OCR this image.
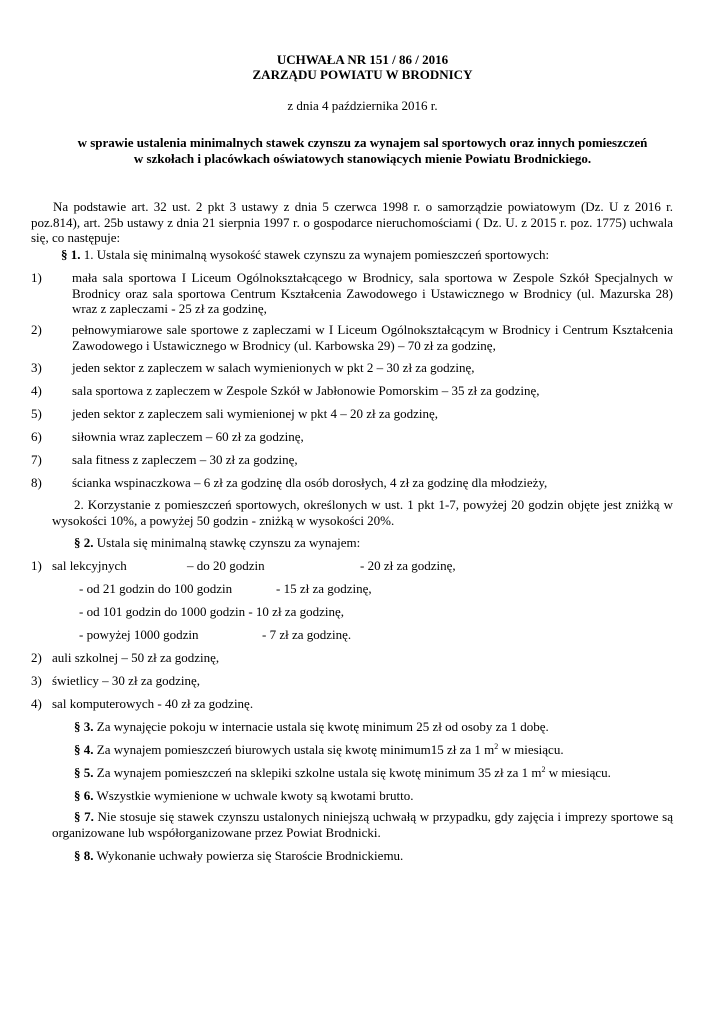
UCHWAŁA NR 151 / 86 / 2016
ZARZĄDU POWIATU W BRODNICY
z dnia 4 października 2016 r.
w sprawie ustalenia minimalnych stawek czynszu za wynajem sal sportowych oraz innych pomieszczeń
w szkołach i placówkach oświatowych stanowiących mienie Powiatu Brodnickiego.
Na podstawie art. 32 ust. 2 pkt 3 ustawy z dnia 5 czerwca 1998 r. o samorządzie powiatowym (Dz. U z 2016 r. poz.814), art. 25b ustawy z dnia 21 sierpnia 1997 r. o gospodarce nieruchomościami ( Dz. U. z 2015 r. poz. 1775) uchwala się, co następuje:
§ 1. 1. Ustala się minimalną wysokość stawek czynszu za wynajem pomieszczeń sportowych:
1) mała sala sportowa I Liceum Ogólnokształcącego w Brodnicy, sala sportowa w Zespole Szkół Specjalnych w Brodnicy oraz sala sportowa Centrum Kształcenia Zawodowego i Ustawicznego w Brodnicy (ul. Mazurska 28) wraz z zapleczami - 25 zł za godzinę,
2) pełnowymiarowe sale sportowe z zapleczami w I Liceum Ogólnokształcącym w Brodnicy i Centrum Kształcenia Zawodowego i Ustawicznego w Brodnicy (ul. Karbowska 29) – 70 zł za godzinę,
3) jeden sektor z zapleczem w salach wymienionych w pkt 2 – 30 zł za godzinę,
4) sala sportowa z zapleczem w Zespole Szkół w Jabłonowie Pomorskim – 35 zł za godzinę,
5) jeden sektor z zapleczem sali wymienionej w pkt 4 – 20 zł za godzinę,
6) siłownia wraz zapleczem – 60 zł za godzinę,
7) sala fitness z zapleczem – 30 zł za godzinę,
8) ścianka wspinaczkowa – 6 zł za godzinę dla osób dorosłych, 4 zł za godzinę dla młodzieży,
2. Korzystanie z pomieszczeń sportowych, określonych w ust. 1 pkt 1-7, powyżej 20 godzin objęte jest zniżką w wysokości 10%, a powyżej 50 godzin - zniżką w wysokości 20%.
§ 2. Ustala się minimalną stawkę czynszu za wynajem:
1) sal lekcyjnych	– do 20 godzin	- 20 zł za godzinę,
- od 21 godzin do 100 godzin	- 15 zł za godzinę,
- od 101 godzin do 1000 godzin - 10 zł za godzinę,
- powyżej 1000 godzin	- 7 zł za godzinę.
2) auli szkolnej – 50 zł za godzinę,
3) świetlicy – 30 zł za godzinę,
4) sal komputerowych - 40 zł za godzinę.
§ 3. Za wynajęcie pokoju w internacie ustala się kwotę minimum 25 zł od osoby za 1 dobę.
§ 4. Za wynajem pomieszczeń biurowych ustala się kwotę minimum15 zł za 1 $m^2$ w miesiącu.
§ 5. Za wynajem pomieszczeń na sklepiki szkolne ustala się kwotę minimum 35 zł za 1 $m^2$ w miesiącu.
§ 6. Wszystkie wymienione w uchwale kwoty są kwotami brutto.
§ 7. Nie stosuje się stawek czynszu ustalonych niniejszą uchwałą w przypadku, gdy zajęcia i imprezy sportowe są organizowane lub współorganizowane przez Powiat Brodnicki.
§ 8. Wykonanie uchwały powierza się Staroście Brodnickiemu.
